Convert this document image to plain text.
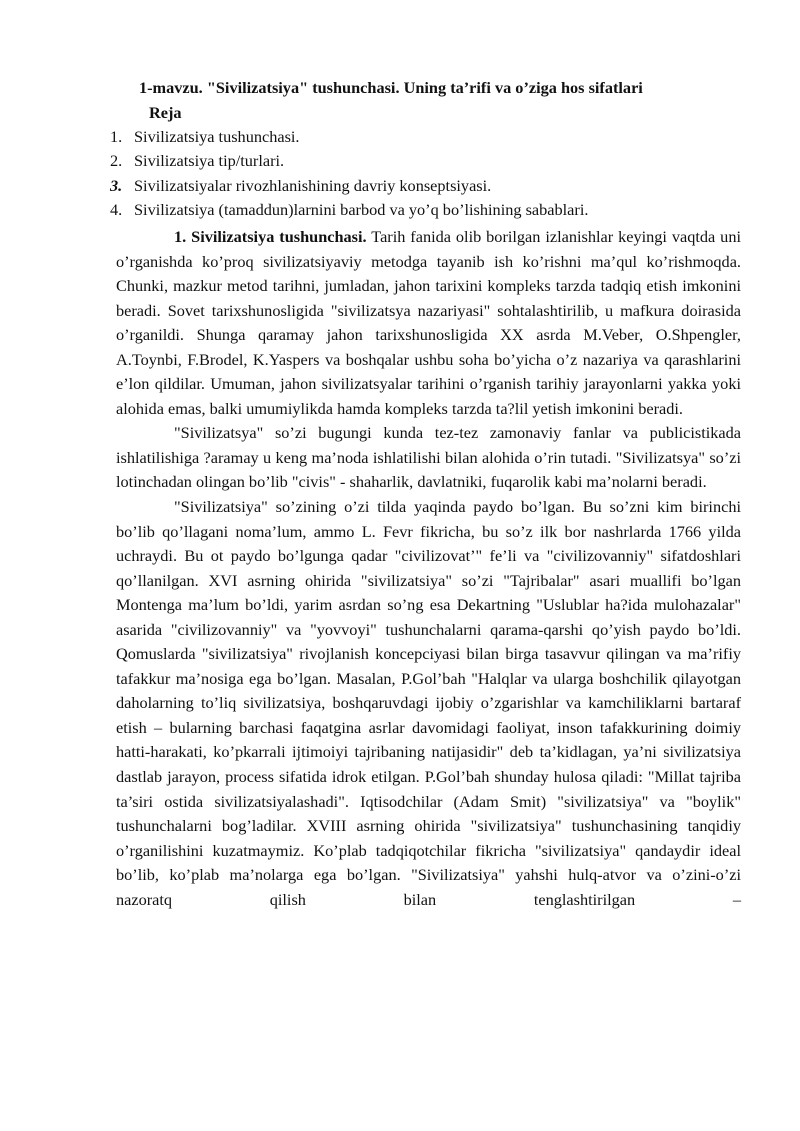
1-mavzu. "Sivilizatsiya" tushunchasi. Uning ta’rifi va o’ziga hos sifatlari
Reja
1. Sivilizatsiya tushunchasi.
2. Sivilizatsiya tip/turlari.
3. Sivilizatsiyalar rivozhlanishining davriy konseptsiyasi.
4. Sivilizatsiya (tamaddun)larnini barbod va yo’q bo’lishining sabablari.

1. Sivilizatsiya tushunchasi. Tarih fanida olib borilgan izlanishlar keyingi vaqtda uni o’rganishda ko’proq sivilizatsiyaviy metodga tayanib ish ko’rishni ma’qul ko’rishmoqda. Chunki, mazkur metod tarihni, jumladan, jahon tarixini kompleks tarzda tadqiq etish imkonini beradi. Sovet tarixshunosligida "sivilizatsya nazariyasi" sohtalashtirilib, u mafkura doirasida o’rganildi. Shunga qaramay jahon tarixshunosligida XX asrda M.Veber, O.Shpengler, A.Toynbi, F.Brodel, K.Yaspers va boshqalar ushbu soha bo’yicha o’z nazariya va qarashlarini e’lon qildilar. Umuman, jahon sivilizatsyalar tarihini o’rganish tarihiy jarayonlarni yakka yoki alohida emas, balki umumiylikda hamda kompleks tarzda ta?lil yetish imkonini beradi.

"Sivilizatsya" so’zi bugungi kunda tez-tez zamonaviy fanlar va publicistikada ishlatilishiga ?aramay u keng ma’noda ishlatilishi bilan alohida o’rin tutadi. "Sivilizatsya" so’zi lotinchadan olingan bo’lib "civis" - shaharlik, davlatniki, fuqarolik kabi ma’nolarni beradi.

"Sivilizatsiya" so’zining o’zi tilda yaqinda paydo bo’lgan. Bu so’zni kim birinchi bo’lib qo’llagani noma’lum, ammo L. Fevr fikricha, bu so’z ilk bor nashrlarda 1766 yilda uchraydi. Bu ot paydo bo’lgunga qadar "civilizovat’" fe’li va "civilizovanniy" sifatdoshlari qo’llanilgan. XVI asrning ohirida "sivilizatsiya" so’zi "Tajribalar" asari muallifi bo’lgan Montenga ma’lum bo’ldi, yarim asrdan so’ng esa Dekartning "Uslublar ha?ida mulohazalar" asarida "civilizovanniy" va "yovvoyi" tushunchalarni qarama-qarshi qo’yish paydo bo’ldi. Qomuslarda "sivilizatsiya" rivojlanish koncepciyasi bilan birga tasavvur qilingan va ma’rifiy tafakkur ma’nosiga ega bo’lgan. Masalan, P.Gol’bah "Halqlar va ularga boshchilik qilayotgan daholarning to’liq sivilizatsiya, boshqaruvdagi ijobiy o’zgarishlar va kamchiliklarni bartaraf etish – bularning barchasi faqatgina asrlar davomidagi faoliyat, inson tafakkurining doimiy hatti-harakati, ko’pkarrali ijtimoiyi tajribaning natijasidir" deb ta’kidlagan, ya’ni sivilizatsiya dastlab jarayon, process sifatida idrok etilgan. P.Gol’bah shunday hulosa qiladi: "Millat tajriba ta’siri ostida sivilizatsiyalashadi". Iqtisodchilar (Adam Smit) "sivilizatsiya" va "boylik" tushunchalarni bog’ladilar. XVIII asrning ohirida "sivilizatsiya" tushunchasining tanqidiy o’rganilishini kuzatmaymiz. Ko’plab tadqiqotchilar fikricha "sivilizatsiya" qandaydir ideal bo’lib, ko’plab ma’nolarga ega bo’lgan. "Sivilizatsiya" yahshi hulq-atvor va o’zini-o’zi nazoratq qilish bilan tenglashtirilgan –
